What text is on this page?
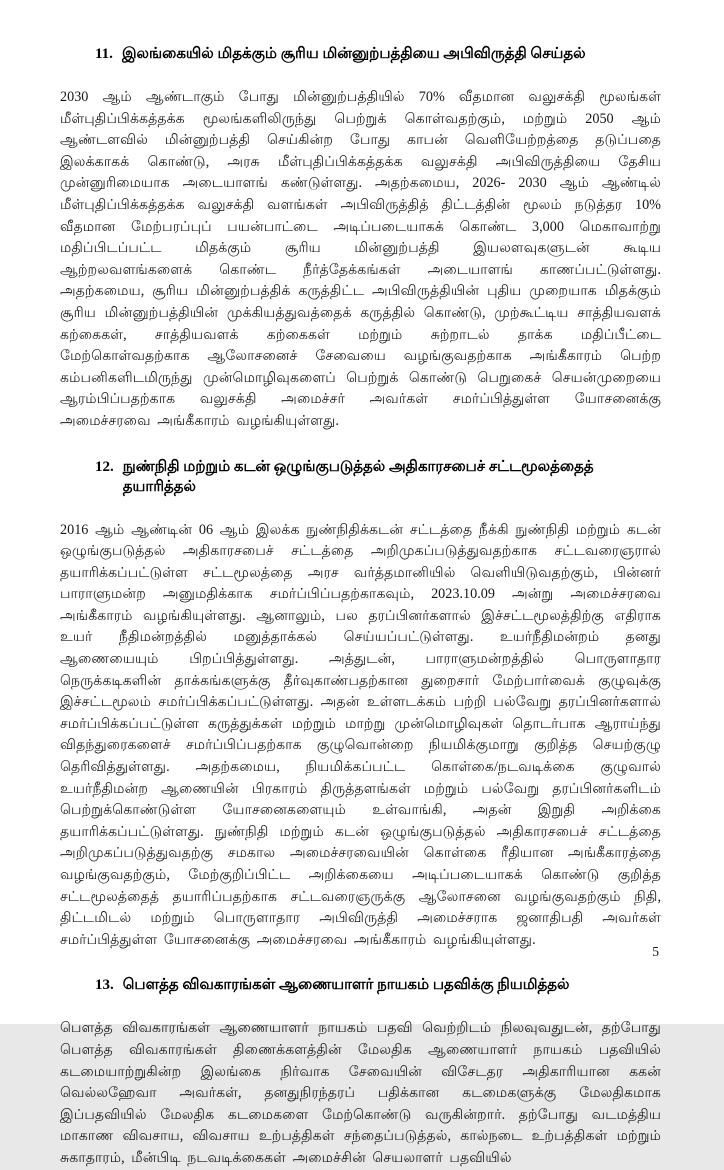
11. இலங்கையில் மிதக்கும் சூரிய மின்னுற்பத்தியை அபிவிருத்தி செய்தல்

2030 ஆம் ஆண்டாகும் போது மின்னுற்பத்தியில் 70% வீதமான வலுசக்தி மூலங்கள் மீள்புதிப்பிக்கத்தக்க மூலங்களிலிருந்து பெற்றுக் கொள்வதற்கும், மற்றும் 2050 ஆம் ஆண்டளவில் மின்னுற்பத்தி செய்கின்ற போது காபன் வெளியேற்றத்தை தடுப்பதை இலக்காகக் கொண்டு, அரசு மீள்புதிப்பிக்கத்தக்க வலுசக்தி அபிவிருத்தியை தேசிய முன்னுரிமையாக அடையாளங் கண்டுள்ளது. அதற்கமைய, 2026- 2030 ஆம் ஆண்டில் மீள்புதிப்பிக்கத்தக்க வலுசக்தி வளங்கள் அபிவிருத்தித் திட்டத்தின் மூலம் நடுத்தர 10% வீதமான மேற்பரப்புப் பயன்பாட்டை அடிப்படையாகக் கொண்ட 3,000 மெகாவாற்று மதிப்பிடப்பட்ட மிதக்கும் சூரிய மின்னுற்பத்தி இயலளவுகளுடன் கூடிய ஆற்றலவளங்களைக் கொண்ட நீர்த்தேக்கங்கள் அடையாளங் காணப்பட்டுள்ளது. அதற்கமைய, சூரிய மின்னுற்பத்திக் கருத்திட்ட அபிவிருத்தியின் புதிய முறையாக மிதக்கும் சூரிய மின்னுற்பத்தியின் முக்கியத்துவத்தைக் கருத்தில் கொண்டு, முற்கூட்டிய சாத்தியவளக் கற்கைகள், சாத்தியவளக் கற்கைகள் மற்றும் சுற்றாடல் தாக்க மதிப்பீட்டை மேற்கொள்வதற்காக ஆலோசனைச் சேவையை வழங்குவதற்காக அங்கீகாரம் பெற்ற கம்பனிகளிடமிருந்து முன்மொழிவுகளைப் பெற்றுக் கொண்டு பெறுகைச் செயன்முறையை ஆரம்பிப்பதற்காக வலுசக்தி அமைச்சர் அவர்கள் சமர்ப்பித்துள்ள யோசனைக்கு அமைச்சரவை அங்கீகாரம் வழங்கியுள்ளது.

12. நுண்நிதி மற்றும் கடன் ஒழுங்குபடுத்தல் அதிகாரசபைச் சட்டமூலத்தைத் தயாரித்தல்

2016 ஆம் ஆண்டின் 06 ஆம் இலக்க நுண்நிதிக்கடன் சட்டத்தை நீக்கி நுண்நிதி மற்றும் கடன் ஒழுங்குபடுத்தல் அதிகாரசபைச் சட்டத்தை அறிமுகப்படுத்துவதற்காக சட்டவரைஞரால் தயாரிக்கப்பட்டுள்ள சட்டமூலத்தை அரச வர்த்தமானியில் வெளியிடுவதற்கும், பின்னர் பாராளுமன்ற அனுமதிக்காக சமர்ப்பிப்பதற்காகவும், 2023.10.09 அன்று அமைச்சரவை அங்கீகாரம் வழங்கியுள்ளது. ஆனாலும், பல தரப்பினர்களால் இச்சட்டமூலத்திற்கு எதிராக உயர் நீதிமன்றத்தில் மனுத்தாக்கல் செய்யப்பட்டுள்ளது. உயர்நீதிமன்றம் தனது ஆணையையும் பிறப்பித்துள்ளது. அத்துடன், பாராளுமன்றத்தில் பொருளாதார நெருக்கடிகளின் தாக்கங்களுக்கு தீர்வுகாண்பதற்கான துறைசார் மேற்பார்வைக் குழுவுக்கு இச்சட்டமூலம் சமர்ப்பிக்கப்பட்டுள்ளது. அதன் உள்ளடக்கம் பற்றி பல்வேறு தரப்பினர்களால் சமர்ப்பிக்கப்பட்டுள்ள கருத்துக்கள் மற்றும் மாற்று முன்மொழிவுகள் தொடர்பாக ஆராய்ந்து விதந்துரைகளைச் சமர்ப்பிப்பதற்காக குழுவொன்றை நியமிக்குமாறு குறித்த செயற்குழு தெரிவித்துள்ளது. அதற்கமைய, நியமிக்கப்பட்ட கொள்கை/நடவடிக்கை குழுவால் உயர்நீதிமன்ற ஆணையின் பிரகாரம் திருத்தளங்கள் மற்றும் பல்வேறு தரப்பினர்களிடம் பெற்றுக்கொண்டுள்ள யோசனைகளையும் உள்வாங்கி, அதன் இறுதி அறிக்கை தயாரிக்கப்பட்டுள்ளது. நுண்நிதி மற்றும் கடன் ஒழுங்குபடுத்தல் அதிகாரசபைச் சட்டத்தை அறிமுகப்படுத்துவதற்கு சமகால அமைச்சரவையின் கொள்கை ரீதியான அங்கீகாரத்தை வழங்குவதற்கும், மேற்குறிப்பிட்ட அறிக்கையை அடிப்படையாகக் கொண்டு குறித்த சட்டமூலத்தைத் தயாரிப்பதற்காக சட்டவரைஞருக்கு ஆலோசனை வழங்குவதற்கும் நிதி, திட்டமிடல் மற்றும் பொருளாதார அபிவிருத்தி அமைச்சராக ஜனாதிபதி அவர்கள் சமர்ப்பித்துள்ள யோசனைக்கு அமைச்சரவை அங்கீகாரம் வழங்கியுள்ளது.

13. பௌத்த விவகாரங்கள் ஆணையாளர் நாயகம் பதவிக்கு நியமித்தல்

பௌத்த விவகாரங்கள் ஆணையாளர் நாயகம் பதவி வெற்றிடம் நிலவுவதுடன், தற்போது பௌத்த விவகாரங்கள் திணைக்களத்தின் மேலதிக ஆணையாளர் நாயகம் பதவியில் கடமையாற்றுகின்ற இலங்கை நிர்வாக சேவையின் விசேடதர அதிகாரியான ககன் வெல்லஹேவா அவர்கள், தனதுநிரந்தரப் பதிக்கான கடமைகளுக்கு மேலதிகமாக இப்பதவியில் மேலதிக கடமைகளை மேற்கொண்டு வருகின்றார். தற்போது வடமத்திய மாகாண விவசாய, விவசாய உற்பத்திகள் சந்தைப்படுத்தல், கால்நடை உற்பத்திகள் மற்றும் சுகாதாரம், மீன்பிடி நடவடிக்கைகள் அமைச்சின் செயலாளர் பதவியில்

5
